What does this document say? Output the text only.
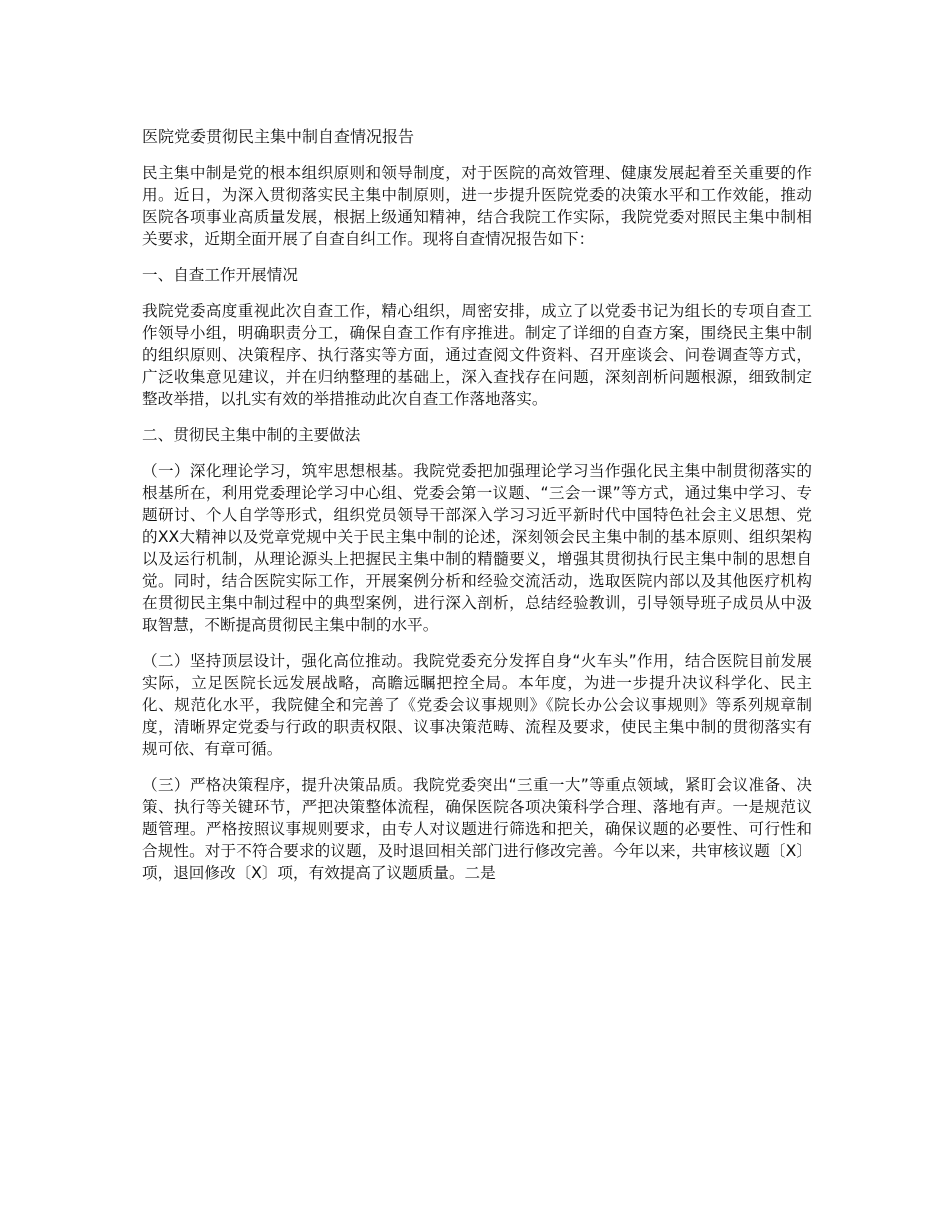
医院党委贯彻民主集中制自查情况报告
民主集中制是党的根本组织原则和领导制度，对于医院的高效管理、健康发展起着至关重要的作用。近日，为深入贯彻落实民主集中制原则，进一步提升医院党委的决策水平和工作效能，推动医院各项事业高质量发展，根据上级通知精神，结合我院工作实际，我院党委对照民主集中制相关要求，近期全面开展了自查自纠工作。现将自查情况报告如下：
一、自查工作开展情况
我院党委高度重视此次自查工作，精心组织，周密安排，成立了以党委书记为组长的专项自查工作领导小组，明确职责分工，确保自查工作有序推进。制定了详细的自查方案，围绕民主集中制的组织原则、决策程序、执行落实等方面，通过查阅文件资料、召开座谈会、问卷调查等方式，广泛收集意见建议，并在归纳整理的基础上，深入查找存在问题，深刻剖析问题根源，细致制定整改举措，以扎实有效的举措推动此次自查工作落地落实。
二、贯彻民主集中制的主要做法
（一）深化理论学习，筑牢思想根基。我院党委把加强理论学习当作强化民主集中制贯彻落实的根基所在，利用党委理论学习中心组、党委会第一议题、“三会一课”等方式，通过集中学习、专题研讨、个人自学等形式，组织党员领导干部深入学习习近平新时代中国特色社会主义思想、党的XX大精神以及党章党规中关于民主集中制的论述，深刻领会民主集中制的基本原则、组织架构以及运行机制，从理论源头上把握民主集中制的精髓要义，增强其贯彻执行民主集中制的思想自觉。同时，结合医院实际工作，开展案例分析和经验交流活动，选取医院内部以及其他医疗机构在贯彻民主集中制过程中的典型案例，进行深入剖析，总结经验教训，引导领导班子成员从中汲取智慧，不断提高贯彻民主集中制的水平。
（二）坚持顶层设计，强化高位推动。我院党委充分发挥自身“火车头”作用，结合医院目前发展实际，立足医院长远发展战略，高瞻远瞩把控全局。本年度，为进一步提升决议科学化、民主化、规范化水平，我院健全和完善了《党委会议事规则》《院长办公会议事规则》等系列规章制度，清晰界定党委与行政的职责权限、议事决策范畴、流程及要求，使民主集中制的贯彻落实有规可依、有章可循。
（三）严格决策程序，提升决策品质。我院党委突出“三重一大”等重点领域，紧盯会议准备、决策、执行等关键环节，严把决策整体流程，确保医院各项决策科学合理、落地有声。一是规范议题管理。严格按照议事规则要求，由专人对议题进行筛选和把关，确保议题的必要性、可行性和合规性。对于不符合要求的议题，及时退回相关部门进行修改完善。今年以来，共审核议题〔X〕项，退回修改〔X〕项，有效提高了议题质量。二是
